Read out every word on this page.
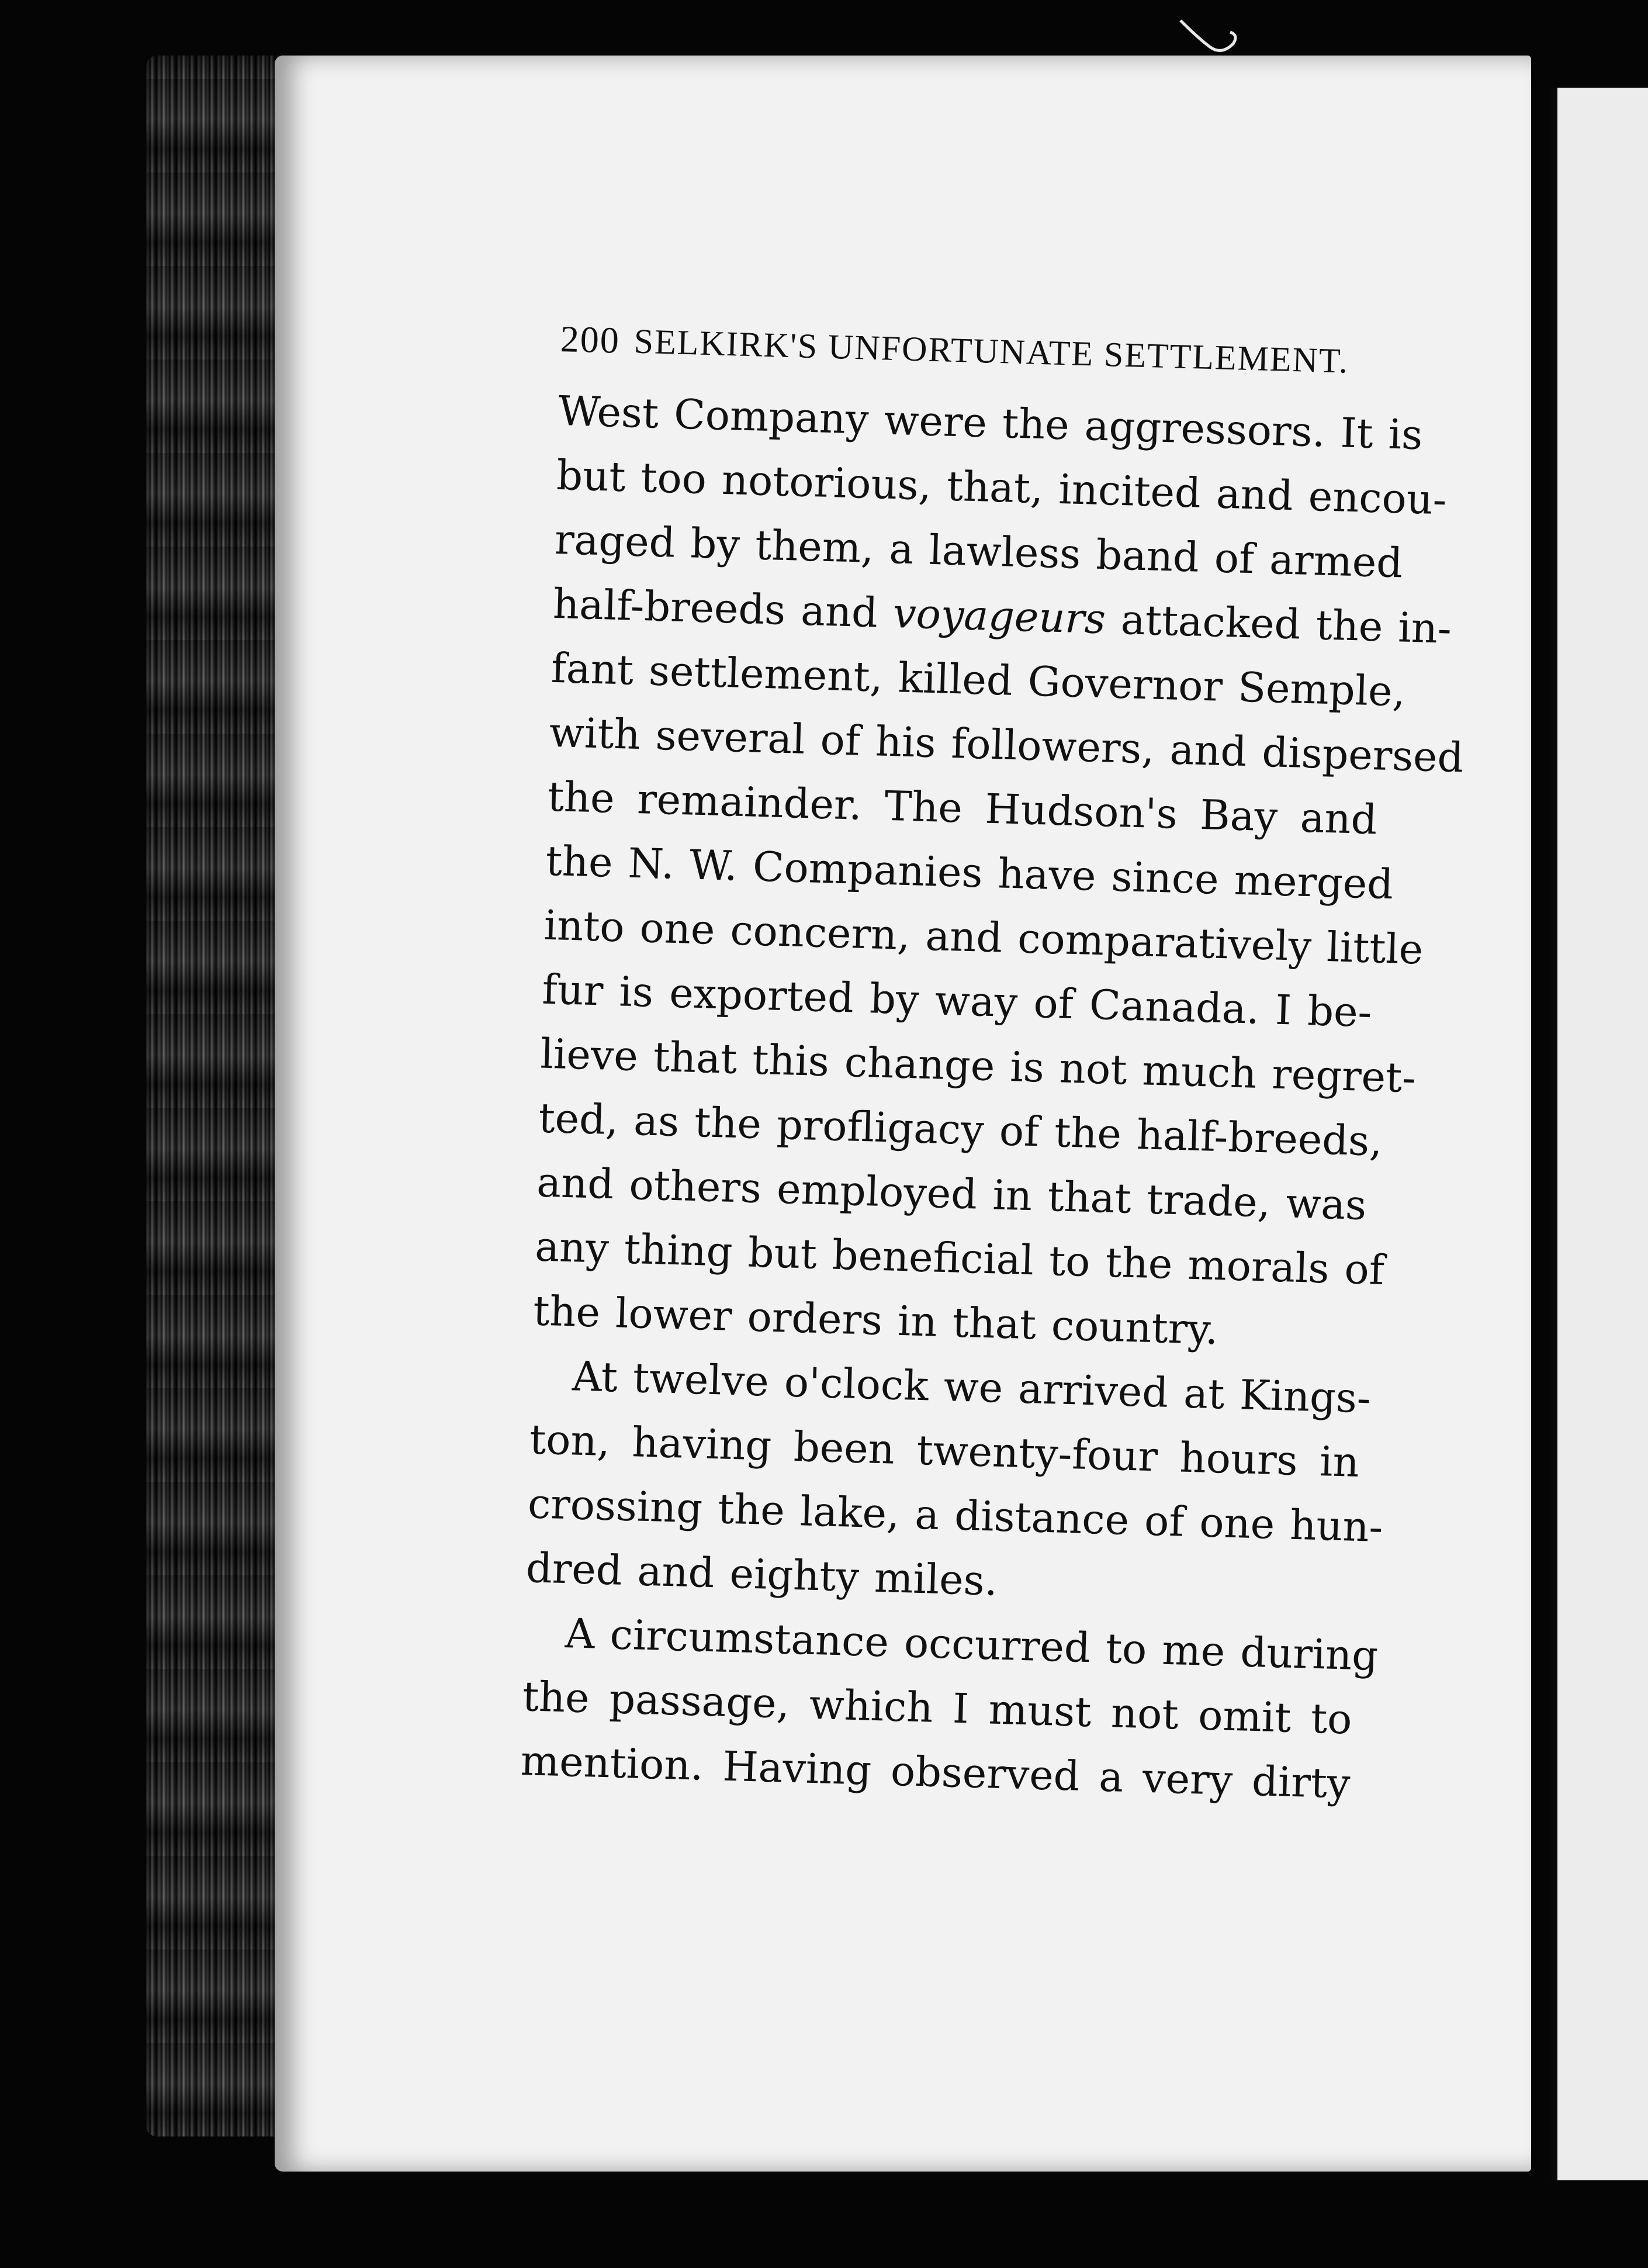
200 SELKIRK'S UNFORTUNATE SETTLEMENT.
West Company were the aggressors. It is
but too notorious, that, incited and encou-
raged by them, a lawless band of armed
half-breeds and voyageurs attacked the in-
fant settlement, killed Governor Semple,
with several of his followers, and dispersed
the remainder. The Hudson's Bay and
the N. W. Companies have since merged
into one concern, and comparatively little
fur is exported by way of Canada. I be-
lieve that this change is not much regret-
ted, as the profligacy of the half-breeds,
and others employed in that trade, was
any thing but beneficial to the morals of
the lower orders in that country.
At twelve o'clock we arrived at Kings-
ton, having been twenty-four hours in
crossing the lake, a distance of one hun-
dred and eighty miles.
A circumstance occurred to me during
the passage, which I must not omit to
mention. Having observed a very dirty
